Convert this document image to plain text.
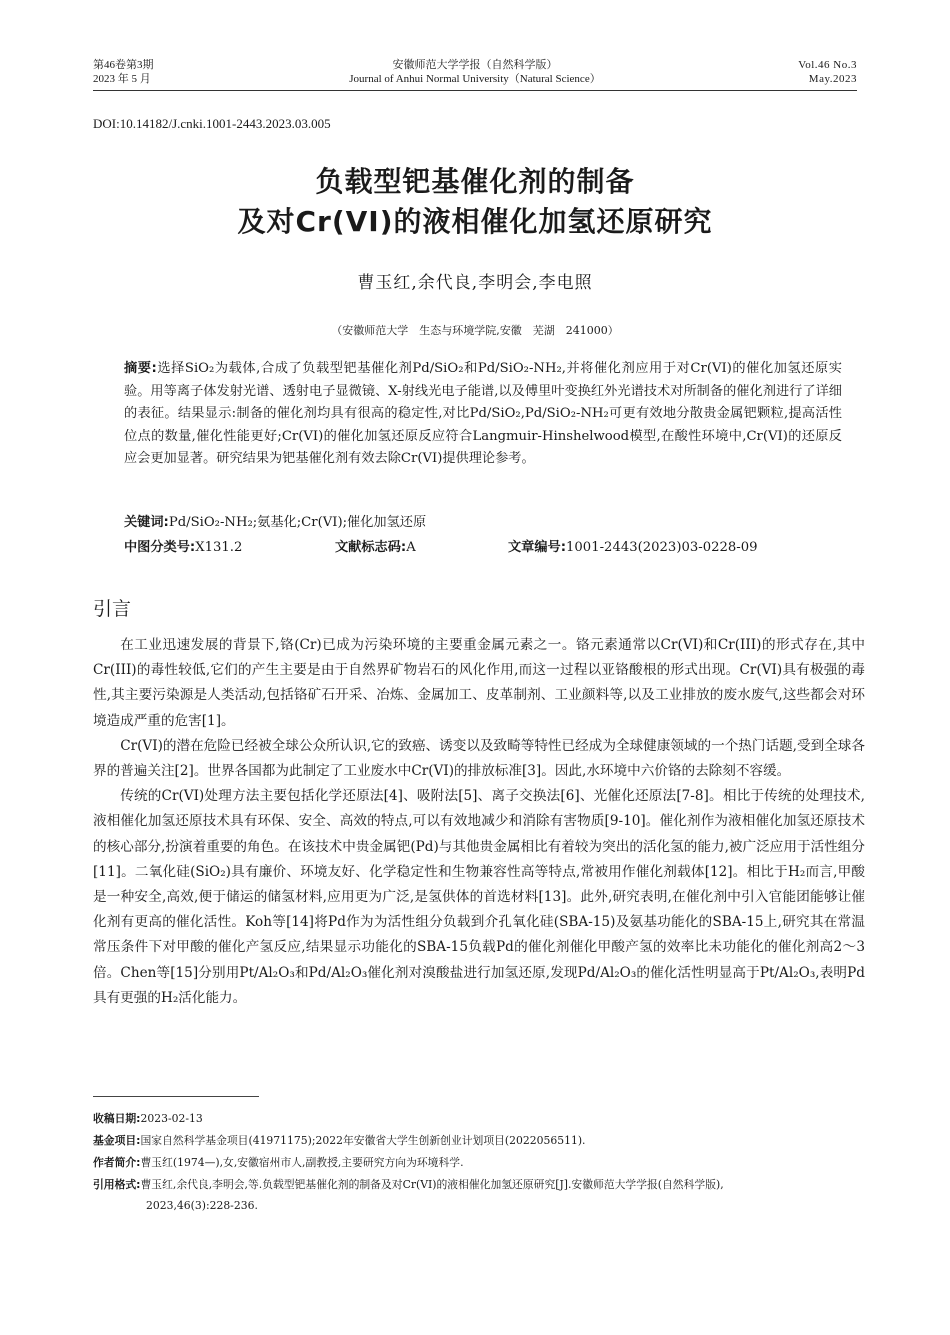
第46卷第3期
2023 年 5 月
安徽师范大学学报（自然科学版）
Journal of Anhui Normal University（Natural Science）
Vol.46 No.3
May.2023
DOI:10.14182/J.cnki.1001-2443.2023.03.005
负载型钯基催化剂的制备
及对Cr(VI)的液相催化加氢还原研究
曹玉红,余代良,李明会,李电照
（安徽师范大学　生态与环境学院,安徽　芜湖　241000）
摘要:选择SiO₂为载体,合成了负载型钯基催化剂Pd/SiO₂和Pd/SiO₂-NH₂,并将催化剂应用于对Cr(VI)的催化加氢还原实验。用等离子体发射光谱、透射电子显微镜、X-射线光电子能谱,以及傅里叶变换红外光谱技术对所制备的催化剂进行了详细的表征。结果显示:制备的催化剂均具有很高的稳定性,对比Pd/SiO₂,Pd/SiO₂-NH₂可更有效地分散贵金属钯颗粒,提高活性位点的数量,催化性能更好;Cr(VI)的催化加氢还原反应符合Langmuir-Hinshelwood模型,在酸性环境中,Cr(VI)的还原反应会更加显著。研究结果为钯基催化剂有效去除Cr(VI)提供理论参考。
关键词:Pd/SiO₂-NH₂;氨基化;Cr(VI);催化加氢还原
中图分类号:X131.2	文献标志码:A	文章编号:1001-2443(2023)03-0228-09
引言

在工业迅速发展的背景下,铬(Cr)已成为污染环境的主要重金属元素之一。铬元素通常以Cr(VI)和Cr(III)的形式存在,其中Cr(III)的毒性较低,它们的产生主要是由于自然界矿物岩石的风化作用,而这一过程以亚铬酸根的形式出现。Cr(VI)具有极强的毒性,其主要污染源是人类活动,包括铬矿石开采、冶炼、金属加工、皮革制剂、工业颜料等,以及工业排放的废水废气,这些都会对环境造成严重的危害[1]。

Cr(VI)的潜在危险已经被全球公众所认识,它的致癌、诱变以及致畸等特性已经成为全球健康领域的一个热门话题,受到全球各界的普遍关注[2]。世界各国都为此制定了工业废水中Cr(VI)的排放标准[3]。因此,水环境中六价铬的去除刻不容缓。

传统的Cr(VI)处理方法主要包括化学还原法[4]、吸附法[5]、离子交换法[6]、光催化还原法[7-8]。相比于传统的处理技术,液相催化加氢还原技术具有环保、安全、高效的特点,可以有效地减少和消除有害物质[9-10]。催化剂作为液相催化加氢还原技术的核心部分,扮演着重要的角色。在该技术中贵金属钯(Pd)与其他贵金属相比有着较为突出的活化氢的能力,被广泛应用于活性组分[11]。二氧化硅(SiO₂)具有廉价、环境友好、化学稳定性和生物兼容性高等特点,常被用作催化剂载体[12]。相比于H₂而言,甲酸是一种安全,高效,便于储运的储氢材料,应用更为广泛,是氢供体的首选材料[13]。此外,研究表明,在催化剂中引入官能团能够让催化剂有更高的催化活性。Koh等[14]将Pd作为为活性组分负载到介孔氧化硅(SBA-15)及氨基功能化的SBA-15上,研究其在常温常压条件下对甲酸的催化产氢反应,结果显示功能化的SBA-15负载Pd的催化剂催化甲酸产氢的效率比未功能化的催化剂高2～3倍。Chen等[15]分别用Pt/Al₂O₃和Pd/Al₂O₃催化剂对溴酸盐进行加氢还原,发现Pd/Al₂O₃的催化活性明显高于Pt/Al₂O₃,表明Pd具有更强的H₂活化能力。

收稿日期:2023-02-13
基金项目:国家自然科学基金项目(41971175);2022年安徽省大学生创新创业计划项目(2022056511).
作者简介:曹玉红(1974—),女,安徽宿州市人,副教授,主要研究方向为环境科学.
引用格式:曹玉红,余代良,李明会,等.负载型钯基催化剂的制备及对Cr(VI)的液相催化加氢还原研究[J].安徽师范大学学报(自然科学版),
2023,46(3):228-236.
